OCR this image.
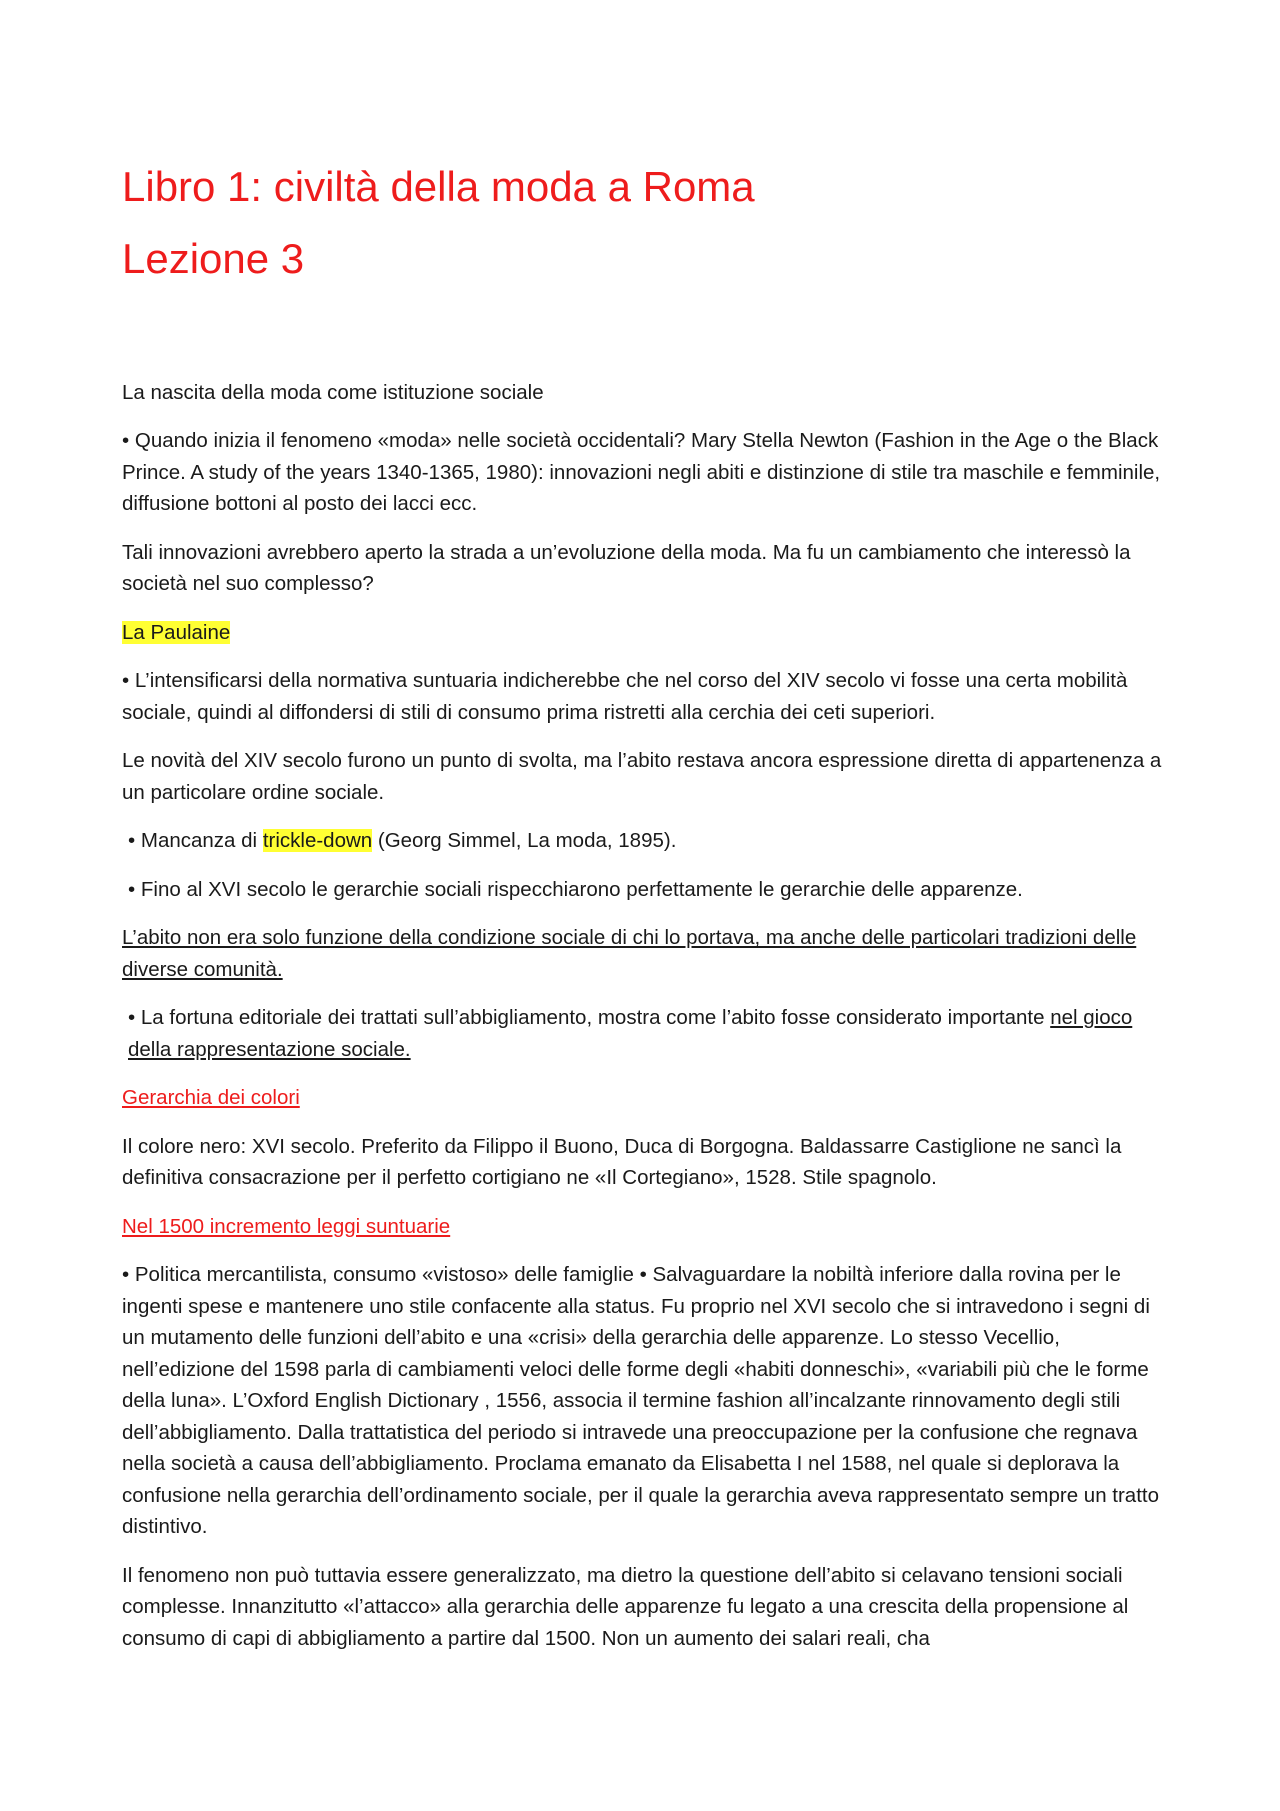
Libro 1: civiltà della moda a Roma
Lezione 3

La nascita della moda come istituzione sociale

• Quando inizia il fenomeno «moda» nelle società occidentali? Mary Stella Newton (Fashion in the Age o the Black Prince. A study of the years 1340-1365, 1980): innovazioni negli abiti e distinzione di stile tra maschile e femminile, diffusione bottoni al posto dei lacci ecc.

Tali innovazioni avrebbero aperto la strada a un’evoluzione della moda. Ma fu un cambiamento che interessò la società nel suo complesso?

La Paulaine

• L’intensificarsi della normativa suntuaria indicherebbe che nel corso del XIV secolo vi fosse una certa mobilità sociale, quindi al diffondersi di stili di consumo prima ristretti alla cerchia dei ceti superiori.

Le novità del XIV secolo furono un punto di svolta, ma l’abito restava ancora espressione diretta di appartenenza a un particolare ordine sociale.

• Mancanza di trickle-down (Georg Simmel, La moda, 1895).

• Fino al XVI secolo le gerarchie sociali rispecchiarono perfettamente le gerarchie delle apparenze.

L’abito non era solo funzione della condizione sociale di chi lo portava, ma anche delle particolari tradizioni delle diverse comunità.

• La fortuna editoriale dei trattati sull’abbigliamento, mostra come l’abito fosse considerato importante nel gioco della rappresentazione sociale.

Gerarchia dei colori

Il colore nero: XVI secolo. Preferito da Filippo il Buono, Duca di Borgogna. Baldassarre Castiglione ne sancì la definitiva consacrazione per il perfetto cortigiano ne «Il Cortegiano», 1528. Stile spagnolo.

Nel 1500 incremento leggi suntuarie

• Politica mercantilista, consumo «vistoso» delle famiglie • Salvaguardare la nobiltà inferiore dalla rovina per le ingenti spese e mantenere uno stile confacente alla status. Fu proprio nel XVI secolo che si intravedono i segni di un mutamento delle funzioni dell’abito e una «crisi» della gerarchia delle apparenze. Lo stesso Vecellio, nell’edizione del 1598 parla di cambiamenti veloci delle forme degli «habiti donneschi», «variabili più che le forme della luna». L’Oxford English Dictionary , 1556, associa il termine fashion all’incalzante rinnovamento degli stili dell’abbigliamento. Dalla trattatistica del periodo si intravede una preoccupazione per la confusione che regnava nella società a causa dell’abbigliamento. Proclama emanato da Elisabetta I nel 1588, nel quale si deplorava la confusione nella gerarchia dell’ordinamento sociale, per il quale la gerarchia aveva rappresentato sempre un tratto distintivo.

Il fenomeno non può tuttavia essere generalizzato, ma dietro la questione dell’abito si celavano tensioni sociali complesse. Innanzitutto «l’attacco» alla gerarchia delle apparenze fu legato a una crescita della propensione al consumo di capi di abbigliamento a partire dal 1500. Non un aumento dei salari reali, cha
